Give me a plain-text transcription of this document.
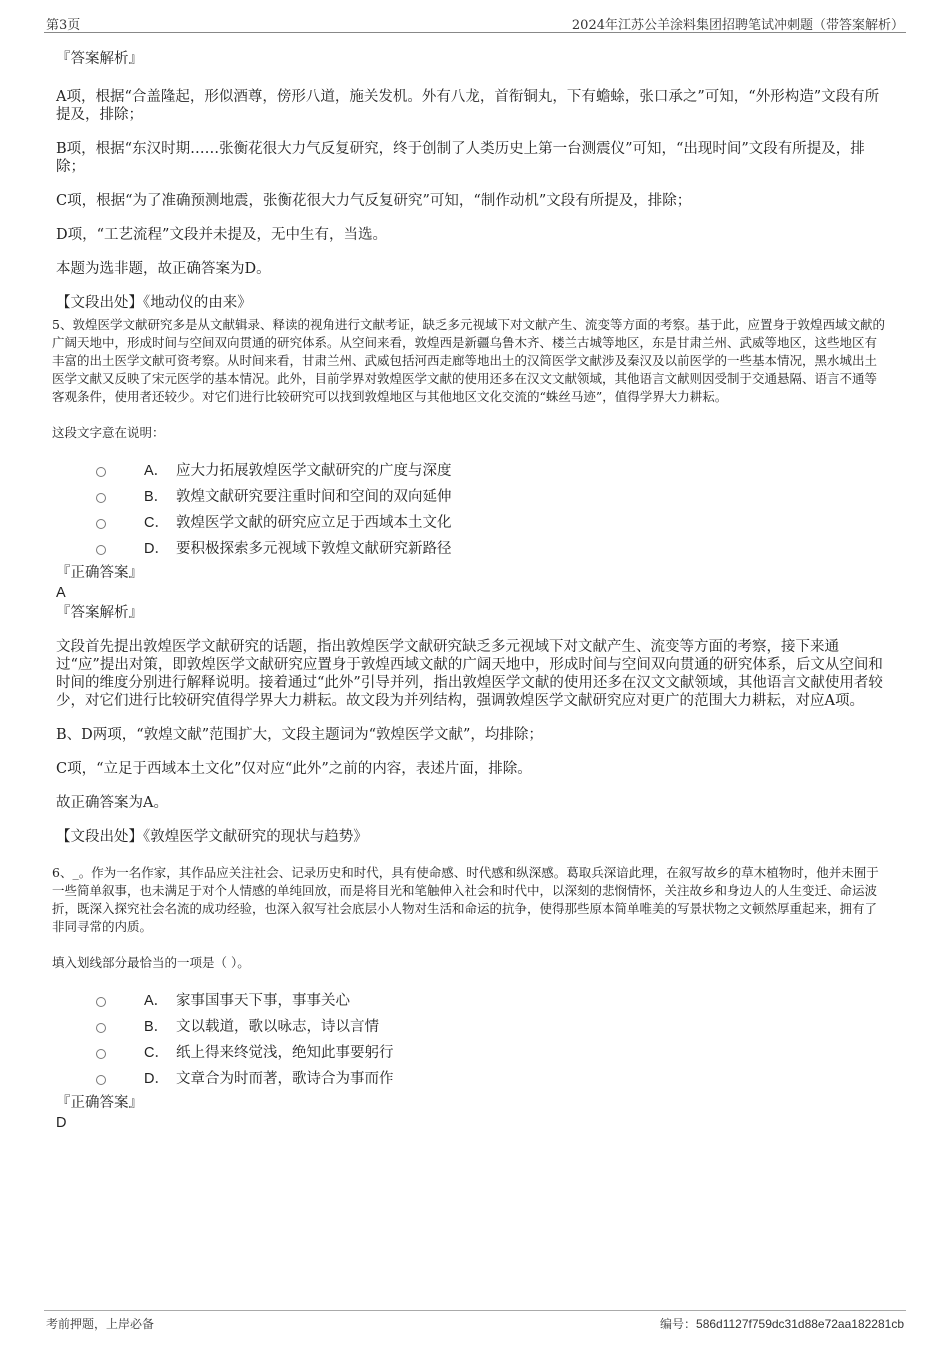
第3页	2024年江苏公羊涂料集团招聘笔试冲刺题（带答案解析）

『答案解析』

A项，根据“合盖隆起，形似酒尊，傍形八道，施关发机。外有八龙，首衔铜丸，下有蟾蜍，张口承之”可知，“外形构造”文段有所提及，排除；

B项，根据“东汉时期……张衡花很大力气反复研究，终于创制了人类历史上第一台测震仪”可知，“出现时间”文段有所提及，排除；

C项，根据“为了准确预测地震，张衡花很大力气反复研究”可知，“制作动机”文段有所提及，排除；

D项，“工艺流程”文段并未提及，无中生有，当选。

本题为选非题，故正确答案为D。

【文段出处】《地动仪的由来》

5、敦煌医学文献研究多是从文献辑录、释读的视角进行文献考证，缺乏多元视域下对文献产生、流变等方面的考察。基于此，应置身于敦煌西域文献的广阔天地中，形成时间与空间双向贯通的研究体系。从空间来看，敦煌西是新疆乌鲁木齐、楼兰古城等地区，东是甘肃兰州、武威等地区，这些地区有丰富的出土医学文献可资考察。从时间来看，甘肃兰州、武威包括河西走廊等地出土的汉简医学文献涉及秦汉及以前医学的一些基本情况，黑水城出土医学文献又反映了宋元医学的基本情况。此外，目前学界对敦煌医学文献的使用还多在汉文文献领域，其他语言文献则因受制于交通悬隔、语言不通等客观条件，使用者还较少。对它们进行比较研究可以找到敦煌地区与其他地区文化交流的“蛛丝马迹”，值得学界大力耕耘。

这段文字意在说明：

A． 应大力拓展敦煌医学文献研究的广度与深度
B． 敦煌文献研究要注重时间和空间的双向延伸
C． 敦煌医学文献的研究应立足于西域本土文化
D． 要积极探索多元视域下敦煌文献研究新路径

『正确答案』

A

『答案解析』

文段首先提出敦煌医学文献研究的话题，指出敦煌医学文献研究缺乏多元视域下对文献产生、流变等方面的考察，接下来通过“应”提出对策，即敦煌医学文献研究应置身于敦煌西域文献的广阔天地中，形成时间与空间双向贯通的研究体系，后文从空间和时间的维度分别进行解释说明。接着通过“此外”引导并列，指出敦煌医学文献的使用还多在汉文文献领域，其他语言文献使用者较少，对它们进行比较研究值得学界大力耕耘。故文段为并列结构，强调敦煌医学文献研究应对更广的范围大力耕耘，对应A项。

B、D两项，“敦煌文献”范围扩大，文段主题词为“敦煌医学文献”，均排除；

C项，“立足于西域本土文化”仅对应“此外”之前的内容，表述片面，排除。

故正确答案为A。

【文段出处】《敦煌医学文献研究的现状与趋势》

6、_。作为一名作家，其作品应关注社会、记录历史和时代，具有使命感、时代感和纵深感。葛取兵深谙此理，在叙写故乡的草木植物时，他并未囿于一些简单叙事，也未满足于对个人情感的单纯回放，而是将目光和笔触伸入社会和时代中，以深刻的悲悯情怀，关注故乡和身边人的人生变迁、命运波折，既深入探究社会名流的成功经验，也深入叙写社会底层小人物对生活和命运的抗争，使得那些原本简单唯美的写景状物之文顿然厚重起来，拥有了非同寻常的内质。

填入划线部分最恰当的一项是（ ）。

A． 家事国事天下事，事事关心
B． 文以载道，歌以咏志，诗以言情
C． 纸上得来终觉浅，绝知此事要躬行
D． 文章合为时而著，歌诗合为事而作

『正确答案』

D

考前押题，上岸必备	编号：586d1127f759dc31d88e72aa182281cb
